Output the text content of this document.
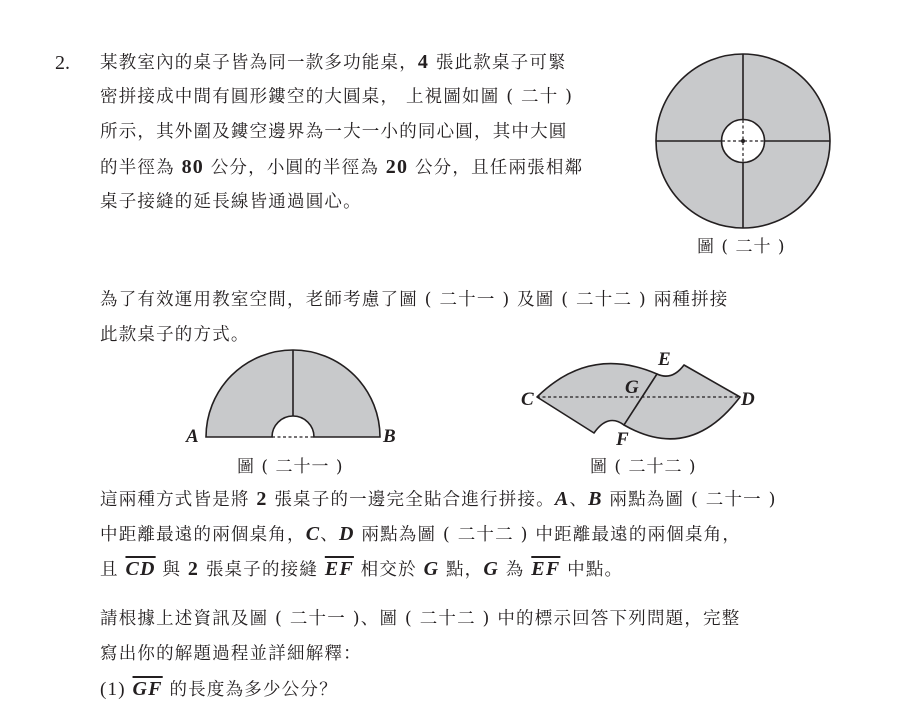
2. 某教室內的桌子皆為同一款多功能桌，4 張此款桌子可緊
密拼接成中間有圓形鏤空的大圓桌， 上視圖如圖 ( 二十 )
所示，其外圍及鏤空邊界為一大一小的同心圓，其中大圓
的半徑為 80 公分，小圓的半徑為 20 公分，且任兩張相鄰
桌子接縫的延長線皆通過圓心。
圖 ( 二十 )
為了有效運用教室空間，老師考慮了圖 ( 二十一 ) 及圖 ( 二十二 ) 兩種拼接
此款桌子的方式。
A	B
圖 ( 二十一 )
C	D
E
F
G
圖 ( 二十二 )
這兩種方式皆是將 2 張桌子的一邊完全貼合進行拼接。A、B 兩點為圖 ( 二十一 )
中距離最遠的兩個桌角，C、D 兩點為圖 ( 二十二 ) 中距離最遠的兩個桌角，
且 $\overline{CD}$ 與 2 張桌子的接縫 $\overline{EF}$ 相交於 G 點，G 為 $\overline{EF}$ 中點。
請根據上述資訊及圖 ( 二十一 )、圖 ( 二十二 ) 中的標示回答下列問題，完整
寫出你的解題過程並詳細解釋：
(1) $\overline{GF}$ 的長度為多少公分？
